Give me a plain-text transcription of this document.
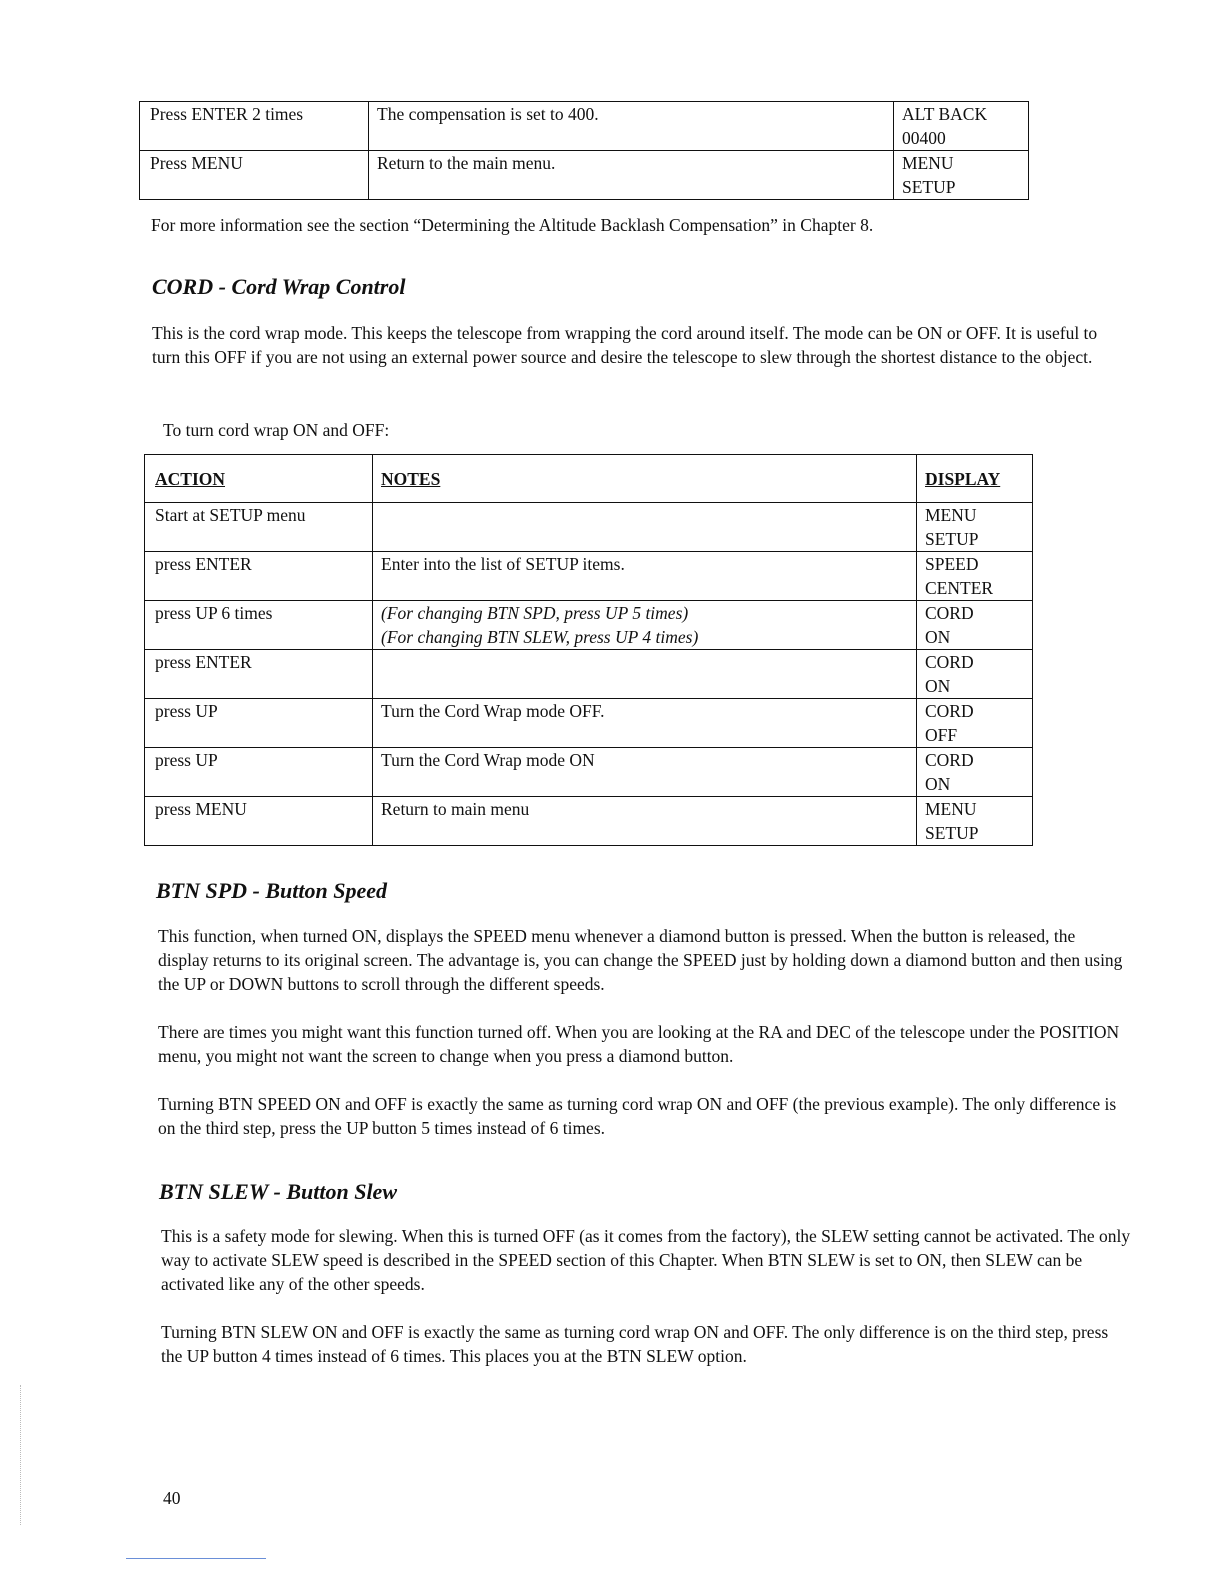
Press ENTER 2 times	The compensation is set to 400.	ALT BACK
00400

Press MENU	Return to the main menu.	MENU
SETUP
For more information see the section “Determining the Altitude Backlash Compensation” in Chapter 8.
CORD - Cord Wrap Control
This is the cord wrap mode. This keeps the telescope from wrapping the cord around itself. The mode can be ON or OFF. It is useful to turn this OFF if you are not using an external power source and desire the telescope to slew through the shortest distance to the object.
To turn cord wrap ON and OFF:
ACTION	NOTES	DISPLAY
Start at SETUP menu		MENU
SETUP

press ENTER	Enter into the list of SETUP items.	SPEED
CENTER

press UP 6 times	(For changing BTN SPD, press UP 5 times)
(For changing BTN SLEW, press UP 4 times)	CORD
ON

press ENTER		CORD
ON

press UP	Turn the Cord Wrap mode OFF.	CORD
OFF

press UP	Turn the Cord Wrap mode ON	CORD
ON

press MENU	Return to main menu	MENU
SETUP
BTN SPD - Button Speed
This function, when turned ON, displays the SPEED menu whenever a diamond button is pressed. When the button is released, the display returns to its original screen. The advantage is, you can change the SPEED just by holding down a diamond button and then using the UP or DOWN buttons to scroll through the different speeds.
There are times you might want this function turned off. When you are looking at the RA and DEC of the telescope under the POSITION menu, you might not want the screen to change when you press a diamond button.
Turning BTN SPEED ON and OFF is exactly the same as turning cord wrap ON and OFF (the previous example). The only difference is on the third step, press the UP button 5 times instead of 6 times.
BTN SLEW - Button Slew
This is a safety mode for slewing. When this is turned OFF (as it comes from the factory), the SLEW setting cannot be activated. The only way to activate SLEW speed is described in the SPEED section of this Chapter. When BTN SLEW is set to ON, then SLEW can be activated like any of the other speeds.
Turning BTN SLEW ON and OFF is exactly the same as turning cord wrap ON and OFF. The only difference is on the third step, press the UP button 4 times instead of 6 times. This places you at the BTN SLEW option.
40
